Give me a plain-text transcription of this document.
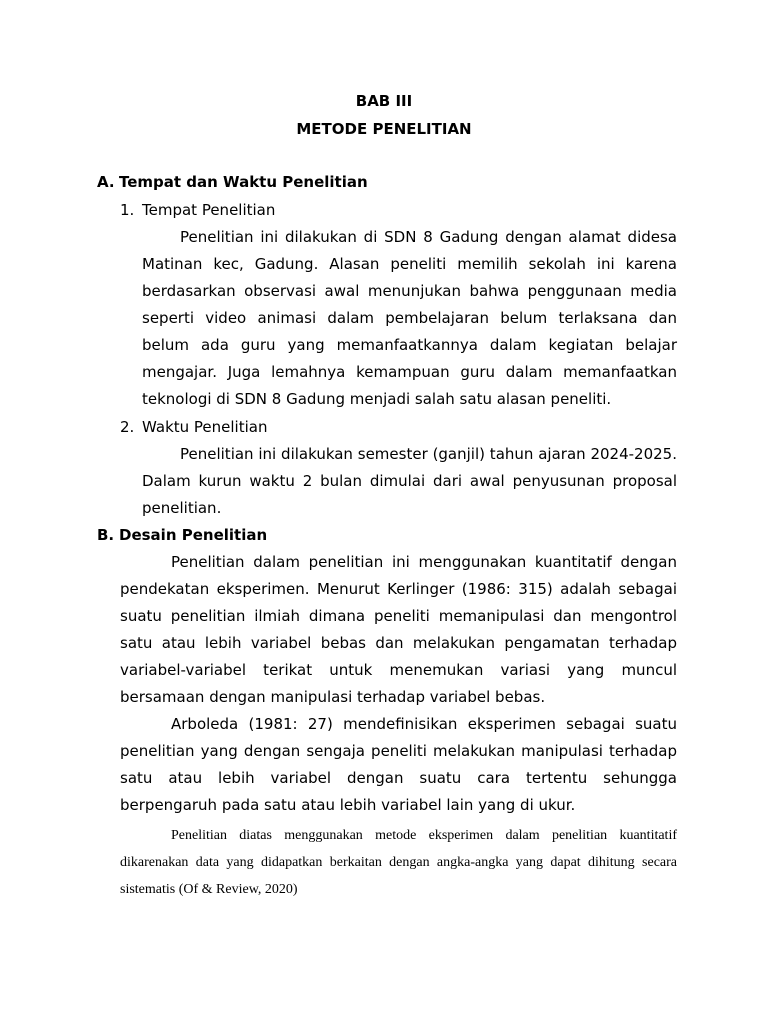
BAB III
METODE PENELITIAN
A. Tempat dan Waktu Penelitian
1. Tempat Penelitian

Penelitian ini dilakukan di SDN 8 Gadung dengan alamat didesa Matinan kec, Gadung. Alasan peneliti memilih sekolah ini karena berdasarkan observasi awal menunjukan bahwa penggunaan media seperti video animasi dalam pembelajaran belum terlaksana dan belum ada guru yang memanfaatkannya dalam kegiatan belajar mengajar. Juga lemahnya kemampuan guru dalam memanfaatkan teknologi di SDN 8 Gadung menjadi salah satu alasan peneliti.

2. Waktu Penelitian

Penelitian ini dilakukan semester (ganjil) tahun ajaran 2024-2025. Dalam kurun waktu 2 bulan dimulai dari awal penyusunan proposal penelitian.

B. Desain Penelitian

Penelitian dalam penelitian ini menggunakan kuantitatif dengan pendekatan eksperimen. Menurut Kerlinger (1986: 315) adalah sebagai suatu penelitian ilmiah dimana peneliti memanipulasi dan mengontrol satu atau lebih variabel bebas dan melakukan pengamatan terhadap variabel-variabel terikat untuk menemukan variasi yang muncul bersamaan dengan manipulasi terhadap variabel bebas.

Arboleda (1981: 27) mendefinisikan eksperimen sebagai suatu penelitian yang dengan sengaja peneliti melakukan manipulasi terhadap satu atau lebih variabel dengan suatu cara tertentu sehungga berpengaruh pada satu atau lebih variabel lain yang di ukur.

Penelitian diatas menggunakan metode eksperimen dalam penelitian kuantitatif dikarenakan data yang didapatkan berkaitan dengan angka-angka yang dapat dihitung secara sistematis (Of & Review, 2020)
